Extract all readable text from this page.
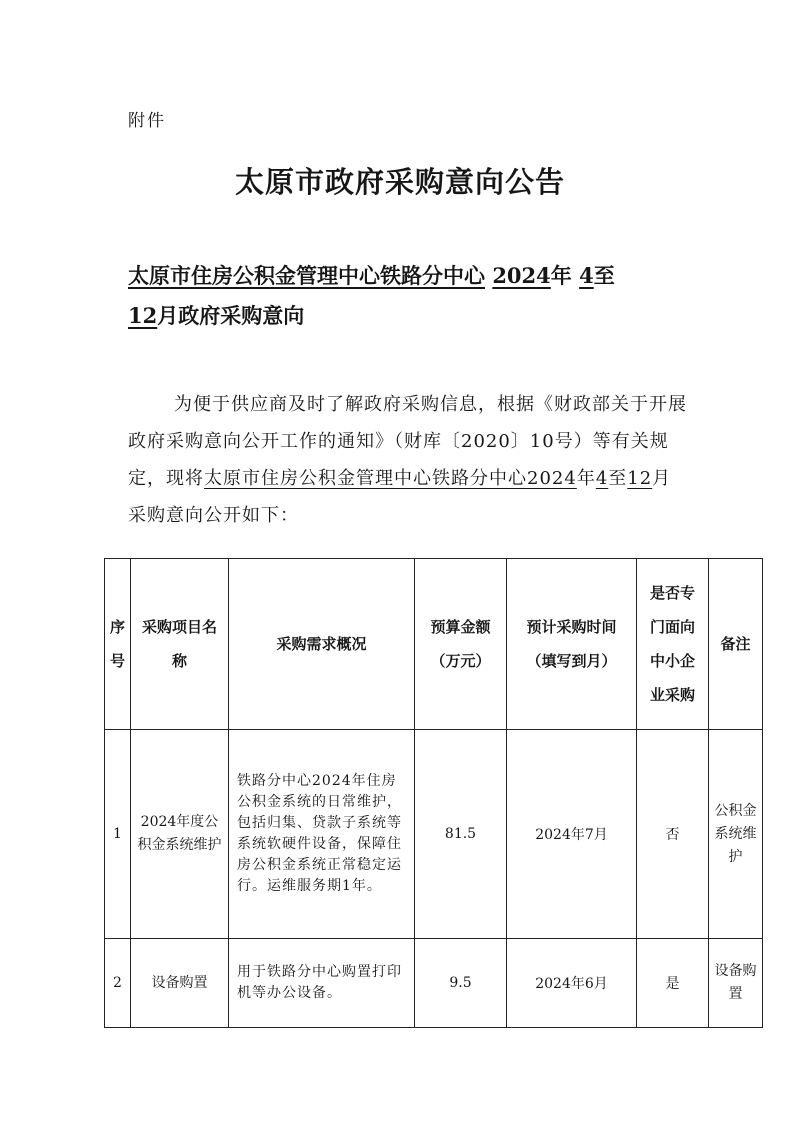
附件
太原市政府采购意向公告
太原市住房公积金管理中心铁路分中心 2024年 4至
12月政府采购意向
为便于供应商及时了解政府采购信息，根据《财政部关于开展政府采购意向公开工作的通知》（财库〔2020〕10号）等有关规定，现将太原市住房公积金管理中心铁路分中心2024年4至12月采购意向公开如下：
序号	采购项目名称	采购需求概况	预算金额（万元）	预计采购时间（填写到月）	是否专门面向中小企业采购	备注
1	2024年度公积金系统维护	铁路分中心2024年住房公积金系统的日常维护，包括归集、贷款子系统等系统软硬件设备，保障住房公积金系统正常稳定运行。运维服务期1年。	81.5	2024年7月	否	公积金系统维护
2	设备购置	用于铁路分中心购置打印机等办公设备。	9.5	2024年6月	是	设备购置
